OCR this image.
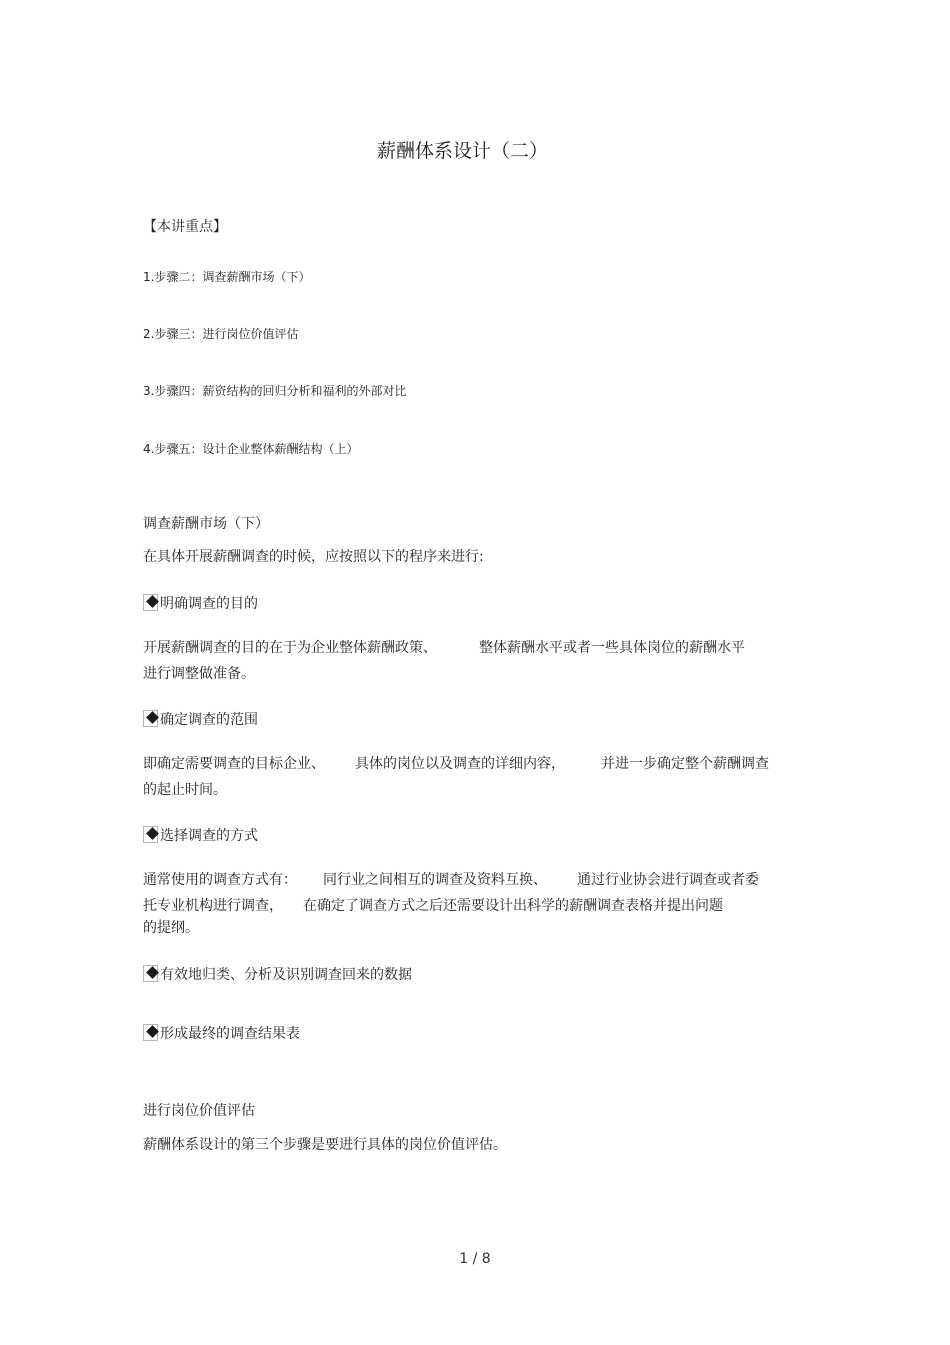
薪酬体系设计（二）
【本讲重点】
1.步骤二：调查薪酬市场（下）
2.步骤三：进行岗位价值评估
3.步骤四：薪资结构的回归分析和福利的外部对比
4.步骤五：设计企业整体薪酬结构（上）
调查薪酬市场（下）
在具体开展薪酬调查的时候，应按照以下的程序来进行:
明确调查的目的
开展薪酬调查的目的在于为企业整体薪酬政策、	整体薪酬水平或者一些具体岗位的薪酬水平
进行调整做准备。
确定调查的范围
即确定需要调查的目标企业、 具体的岗位以及调查的详细内容，	并进一步确定整个薪酬调查
的起止时间。
选择调查的方式
通常使用的调查方式有： 同行业之间相互的调查及资料互换、 通过行业协会进行调查或者委
托专业机构进行调查， 在确定了调查方式之后还需要设计出科学的薪酬调查表格并提出问题
的提纲。
有效地归类、分析及识别调查回来的数据
形成最终的调查结果表
进行岗位价值评估
薪酬体系设计的第三个步骤是要进行具体的岗位价值评估。
1 / 8
